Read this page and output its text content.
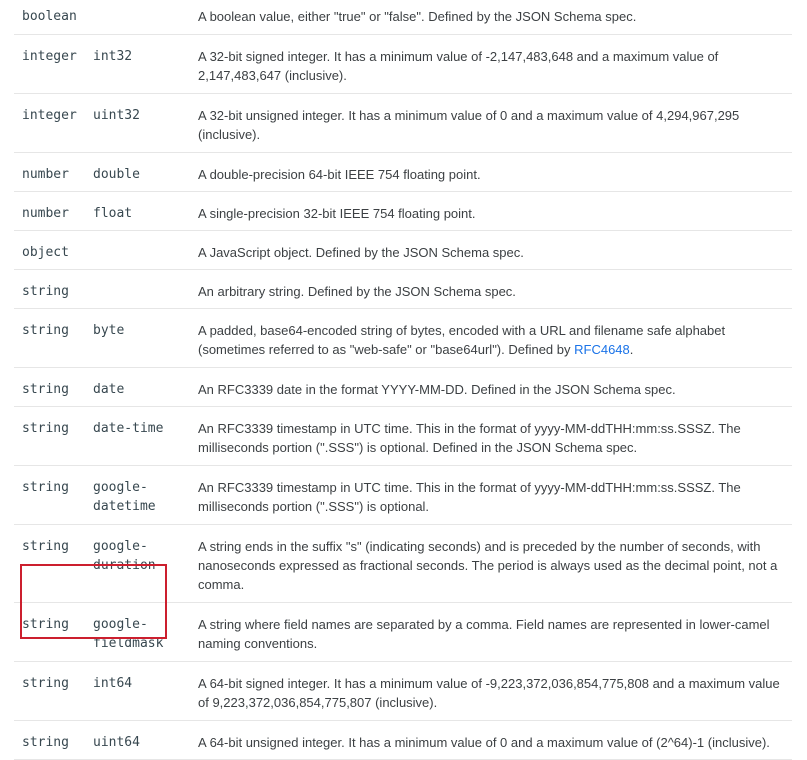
boolean		A boolean value, either "true" or "false". Defined by the JSON Schema spec.
integer	int32	A 32-bit signed integer. It has a minimum value of -2,147,483,648 and a maximum value of 2,147,483,647 (inclusive).
integer	uint32	A 32-bit unsigned integer. It has a minimum value of 0 and a maximum value of 4,294,967,295 (inclusive).
number	double	A double-precision 64-bit IEEE 754 floating point.
number	float	A single-precision 32-bit IEEE 754 floating point.
object		A JavaScript object. Defined by the JSON Schema spec.
string		An arbitrary string. Defined by the JSON Schema spec.
string	byte	A padded, base64-encoded string of bytes, encoded with a URL and filename safe alphabet (sometimes referred to as "web-safe" or "base64url"). Defined by RFC4648.
string	date	An RFC3339 date in the format YYYY-MM-DD. Defined in the JSON Schema spec.
string	date-time	An RFC3339 timestamp in UTC time. This in the format of yyyy-MM-ddTHH:mm:ss.SSSZ. The milliseconds portion (".SSS") is optional. Defined in the JSON Schema spec.
string	google-datetime	An RFC3339 timestamp in UTC time. This in the format of yyyy-MM-ddTHH:mm:ss.SSSZ. The milliseconds portion (".SSS") is optional.
string	google-duration	A string ends in the suffix "s" (indicating seconds) and is preceded by the number of seconds, with nanoseconds expressed as fractional seconds. The period is always used as the decimal point, not a comma.
string	google-fieldmask	A string where field names are separated by a comma. Field names are represented in lower-camel naming conventions.
string	int64	A 64-bit signed integer. It has a minimum value of -9,223,372,036,854,775,808 and a maximum value of 9,223,372,036,854,775,807 (inclusive).
string	uint64	A 64-bit unsigned integer. It has a minimum value of 0 and a maximum value of (2^64)-1 (inclusive).
